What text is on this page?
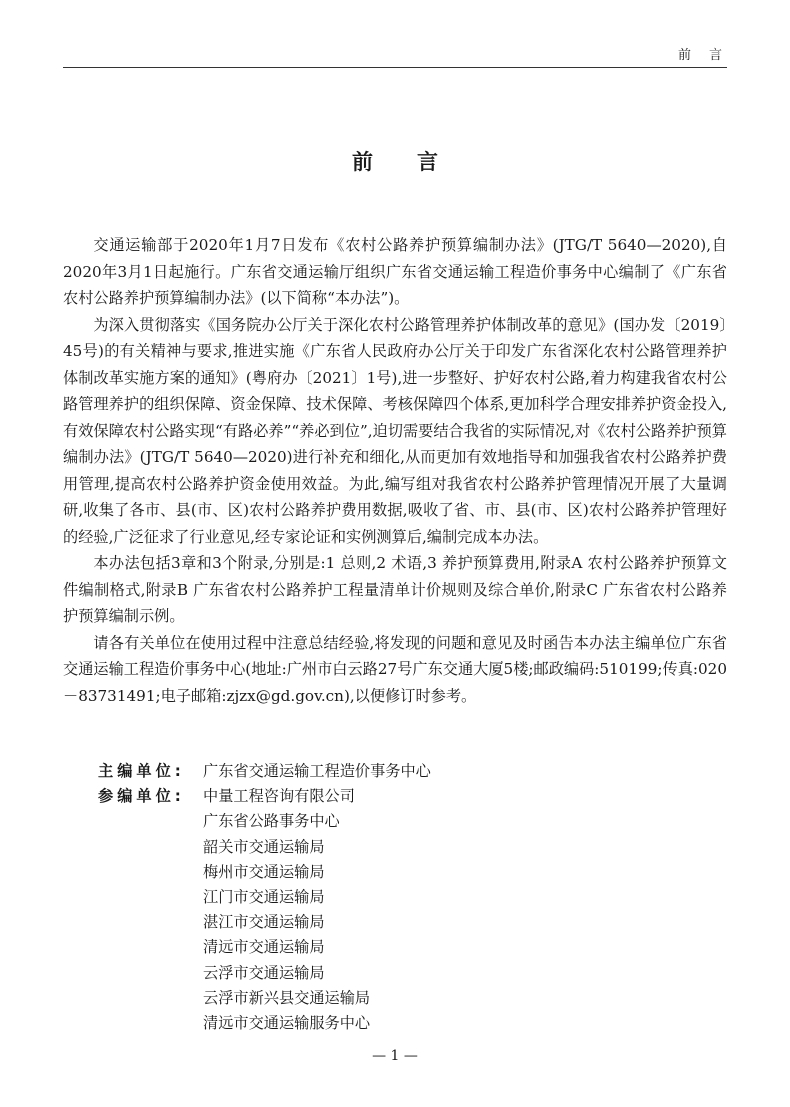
前言
前言

交通运输部于2020年1月7日发布《农村公路养护预算编制办法》(JTG/T 5640—2020),自2020年3月1日起施行。广东省交通运输厅组织广东省交通运输工程造价事务中心编制了《广东省农村公路养护预算编制办法》(以下简称“本办法”)。

为深入贯彻落实《国务院办公厅关于深化农村公路管理养护体制改革的意见》(国办发〔2019〕45号)的有关精神与要求,推进实施《广东省人民政府办公厅关于印发广东省深化农村公路管理养护体制改革实施方案的通知》(粤府办〔2021〕1号),进一步整好、护好农村公路,着力构建我省农村公路管理养护的组织保障、资金保障、技术保障、考核保障四个体系,更加科学合理安排养护资金投入,有效保障农村公路实现“有路必养”“养必到位”,迫切需要结合我省的实际情况,对《农村公路养护预算编制办法》(JTG/T 5640—2020)进行补充和细化,从而更加有效地指导和加强我省农村公路养护费用管理,提高农村公路养护资金使用效益。为此,编写组对我省农村公路养护管理情况开展了大量调研,收集了各市、县(市、区)农村公路养护费用数据,吸收了省、市、县(市、区)农村公路养护管理好的经验,广泛征求了行业意见,经专家论证和实例测算后,编制完成本办法。

本办法包括3章和3个附录,分别是:1 总则,2 术语,3 养护预算费用,附录A 农村公路养护预算文件编制格式,附录B 广东省农村公路养护工程量清单计价规则及综合单价,附录C 广东省农村公路养护预算编制示例。

请各有关单位在使用过程中注意总结经验,将发现的问题和意见及时函告本办法主编单位广东省交通运输工程造价事务中心(地址:广州市白云路27号广东交通大厦5楼;邮政编码:510199;传真:020－83731491;电子邮箱:zjzx@gd.gov.cn),以便修订时参考。

主编单位:	广东省交通运输工程造价事务中心
参编单位:	中量工程咨询有限公司
广东省公路事务中心
韶关市交通运输局
梅州市交通运输局
江门市交通运输局
湛江市交通运输局
清远市交通运输局
云浮市交通运输局
云浮市新兴县交通运输局
清远市交通运输服务中心
— 1 —
